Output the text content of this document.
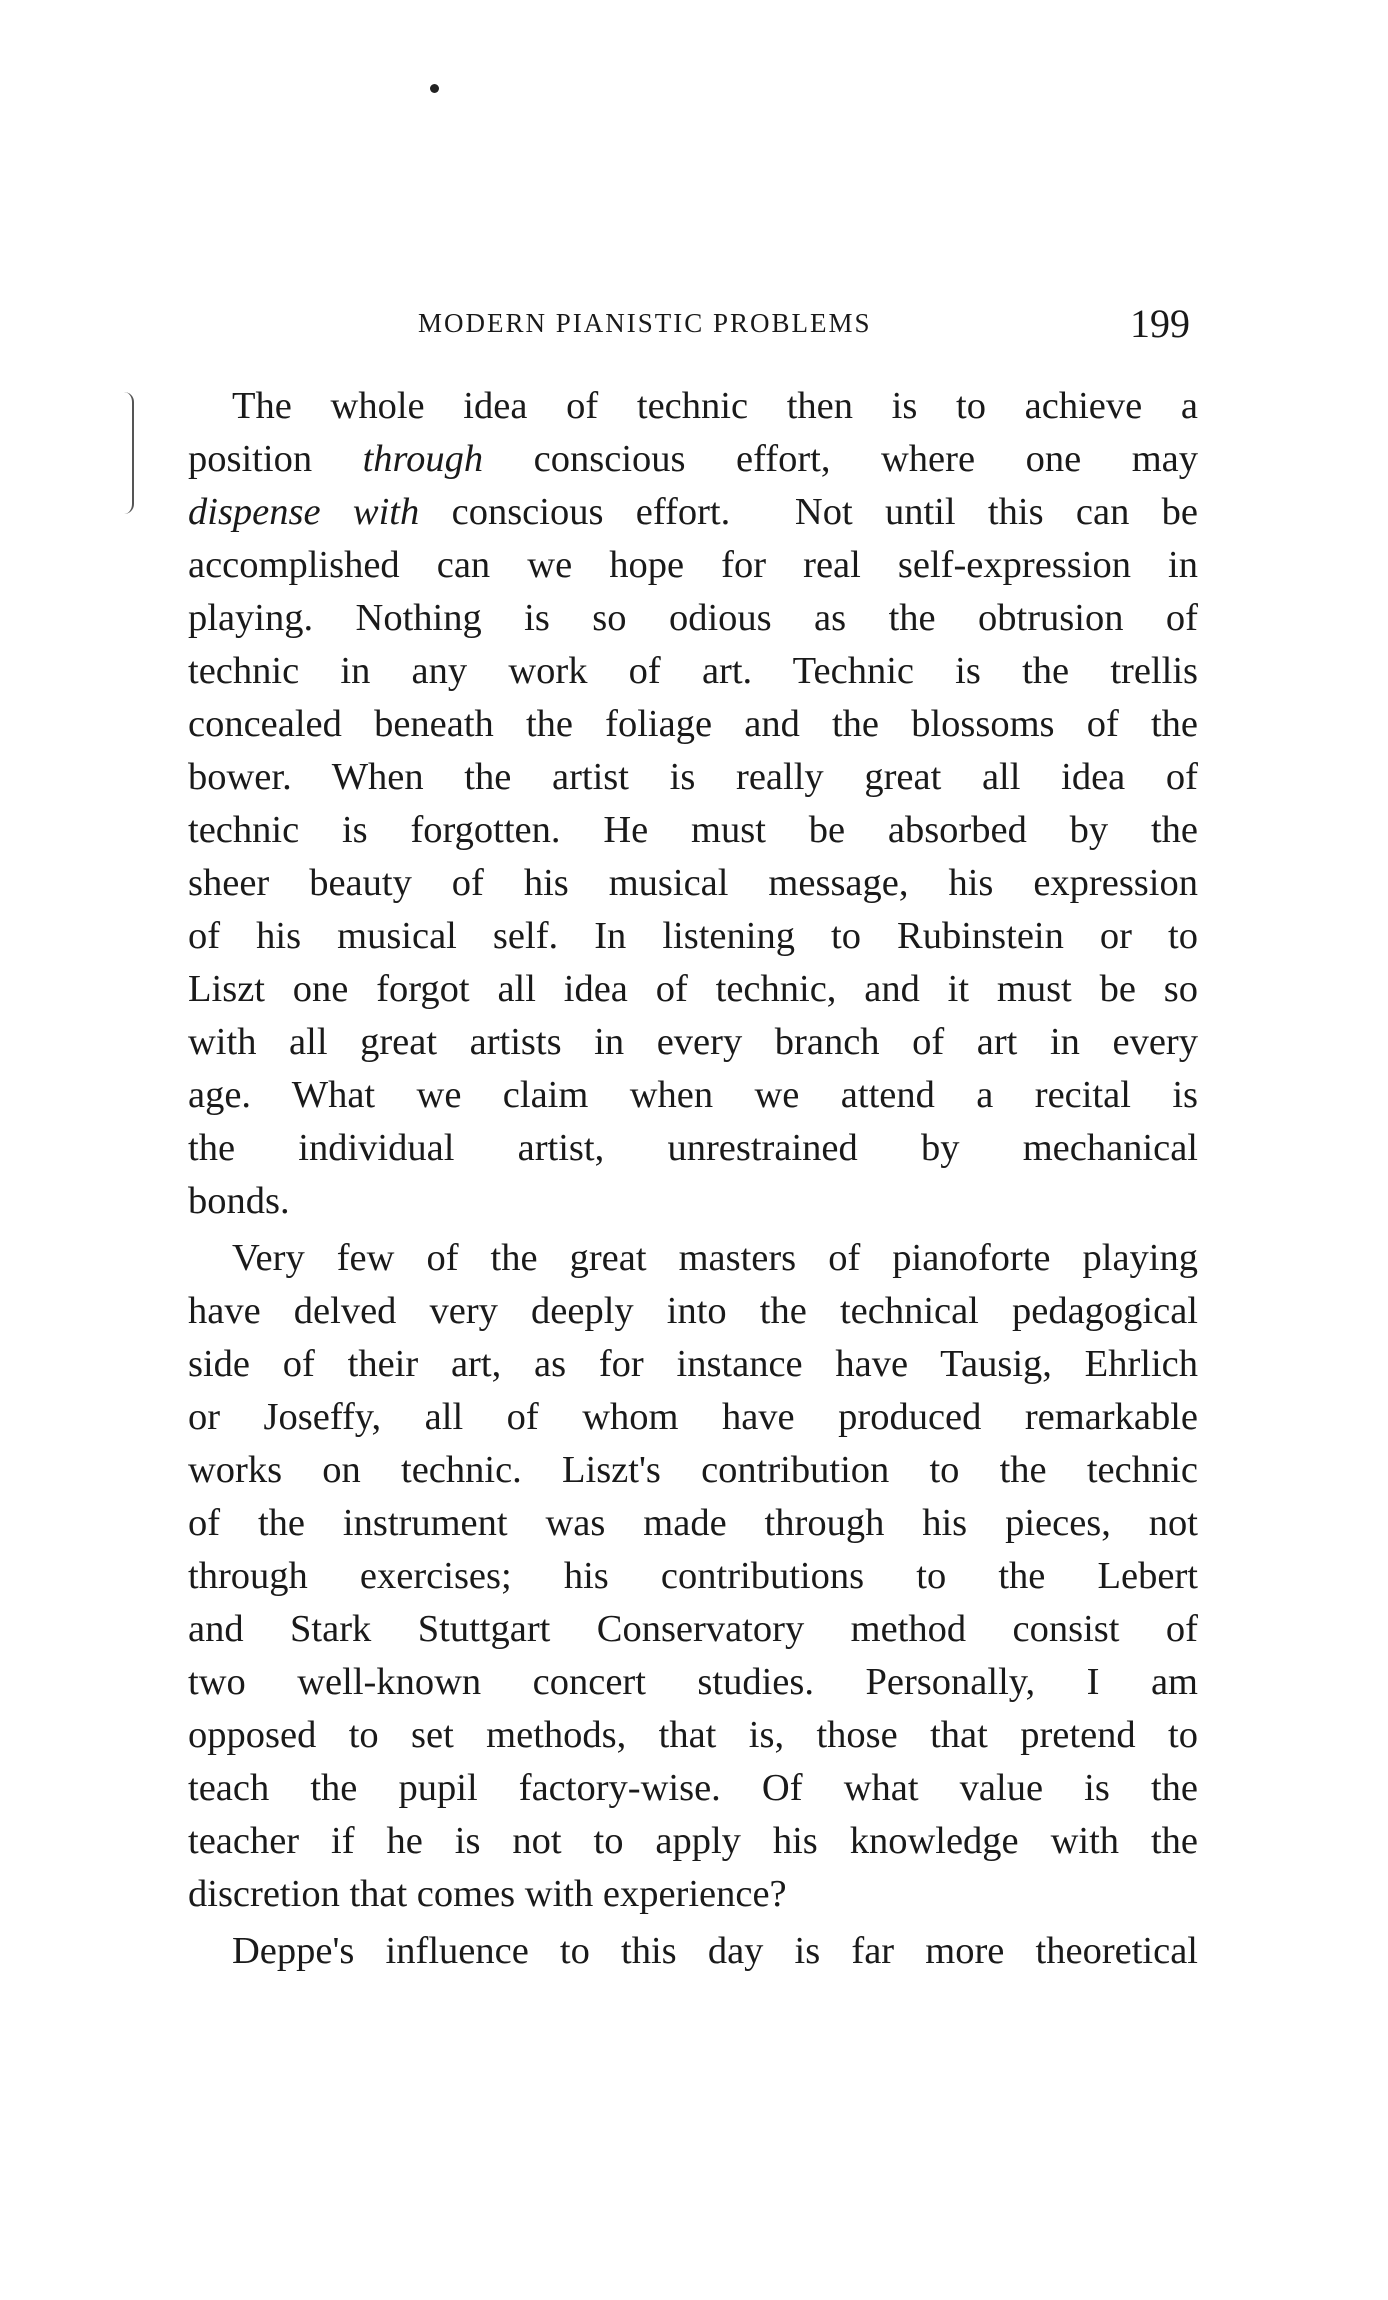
MODERN PIANISTIC PROBLEMS	199

The whole idea of technic then is to achieve a
position through conscious effort, where one may
dispense with conscious effort.  Not until this can be
accomplished can we hope for real self-expression in
playing. Nothing is so odious as the obtrusion of
technic in any work of art. Technic is the trellis
concealed beneath the foliage and the blossoms of the
bower. When the artist is really great all idea of
technic is forgotten. He must be absorbed by the
sheer beauty of his musical message, his expression
of his musical self. In listening to Rubinstein or to
Liszt one forgot all idea of technic, and it must be so
with all great artists in every branch of art in every
age. What we claim when we attend a recital is
the individual artist, unrestrained by mechanical
bonds.

Very few of the great masters of pianoforte playing
have delved very deeply into the technical pedagogical
side of their art, as for instance have Tausig, Ehrlich
or Joseffy, all of whom have produced remarkable
works on technic. Liszt's contribution to the technic
of the instrument was made through his pieces, not
through exercises; his contributions to the Lebert
and Stark Stuttgart Conservatory method consist of
two well-known concert studies. Personally, I am
opposed to set methods, that is, those that pretend to
teach the pupil factory-wise. Of what value is the
teacher if he is not to apply his knowledge with the
discretion that comes with experience?

Deppe's influence to this day is far more theoretical
